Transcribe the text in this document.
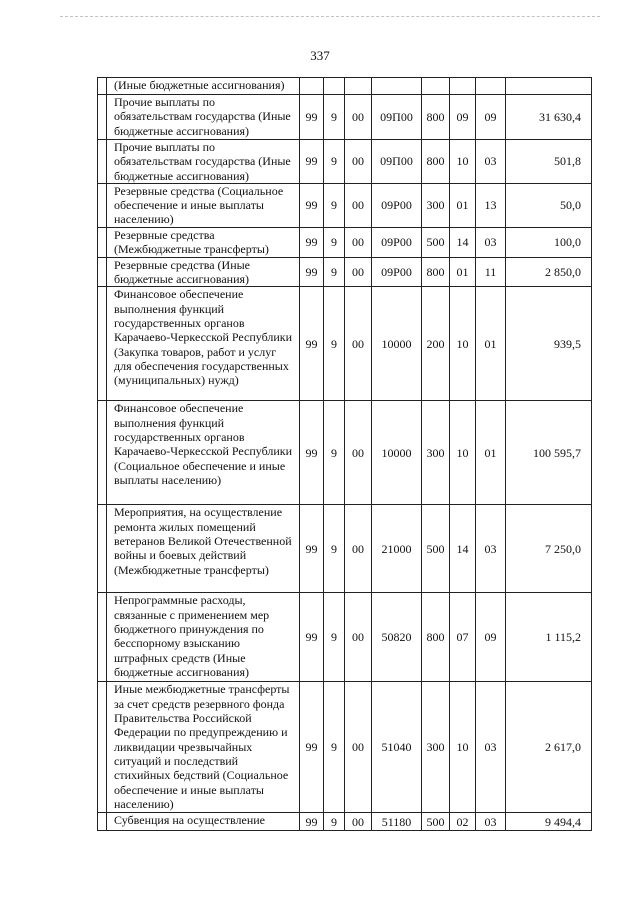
337
	(Иные бюджетные ассигнования)								
	Прочие выплаты по обязательствам государства (Иные бюджетные ассигнования)	99	9	00	09П00	800	09	09	31 630,4
	Прочие выплаты по обязательствам государства (Иные бюджетные ассигнования)	99	9	00	09П00	800	10	03	501,8
	Резервные средства (Социальное обеспечение и иные выплаты населению)	99	9	00	09Р00	300	01	13	50,0
	Резервные средства (Межбюджетные трансферты)	99	9	00	09Р00	500	14	03	100,0
	Резервные средства (Иные бюджетные ассигнования)	99	9	00	09Р00	800	01	11	2 850,0
	Финансовое обеспечение выполнения функций государственных органов Карачаево-Черкесской Республики (Закупка товаров, работ и услуг для обеспечения государственных (муниципальных) нужд)	99	9	00	10000	200	10	01	939,5
	Финансовое обеспечение выполнения функций государственных органов Карачаево-Черкесской Республики (Социальное обеспечение и иные выплаты населению)	99	9	00	10000	300	10	01	100 595,7
	Мероприятия, на осуществление ремонта жилых помещений ветеранов Великой Отечественной войны и боевых действий (Межбюджетные трансферты)	99	9	00	21000	500	14	03	7 250,0
	Непрограммные расходы, связанные с применением мер бюджетного принуждения по бесспорному взысканию штрафных средств (Иные бюджетные ассигнования)	99	9	00	50820	800	07	09	1 115,2
	Иные межбюджетные трансферты за счет средств резервного фонда Правительства Российской Федерации по предупреждению и ликвидации чрезвычайных ситуаций и последствий стихийных бедствий (Социальное обеспечение и иные выплаты населению)	99	9	00	51040	300	10	03	2 617,0
	Субвенция на осуществление	99	9	00	51180	500	02	03	9 494,4
